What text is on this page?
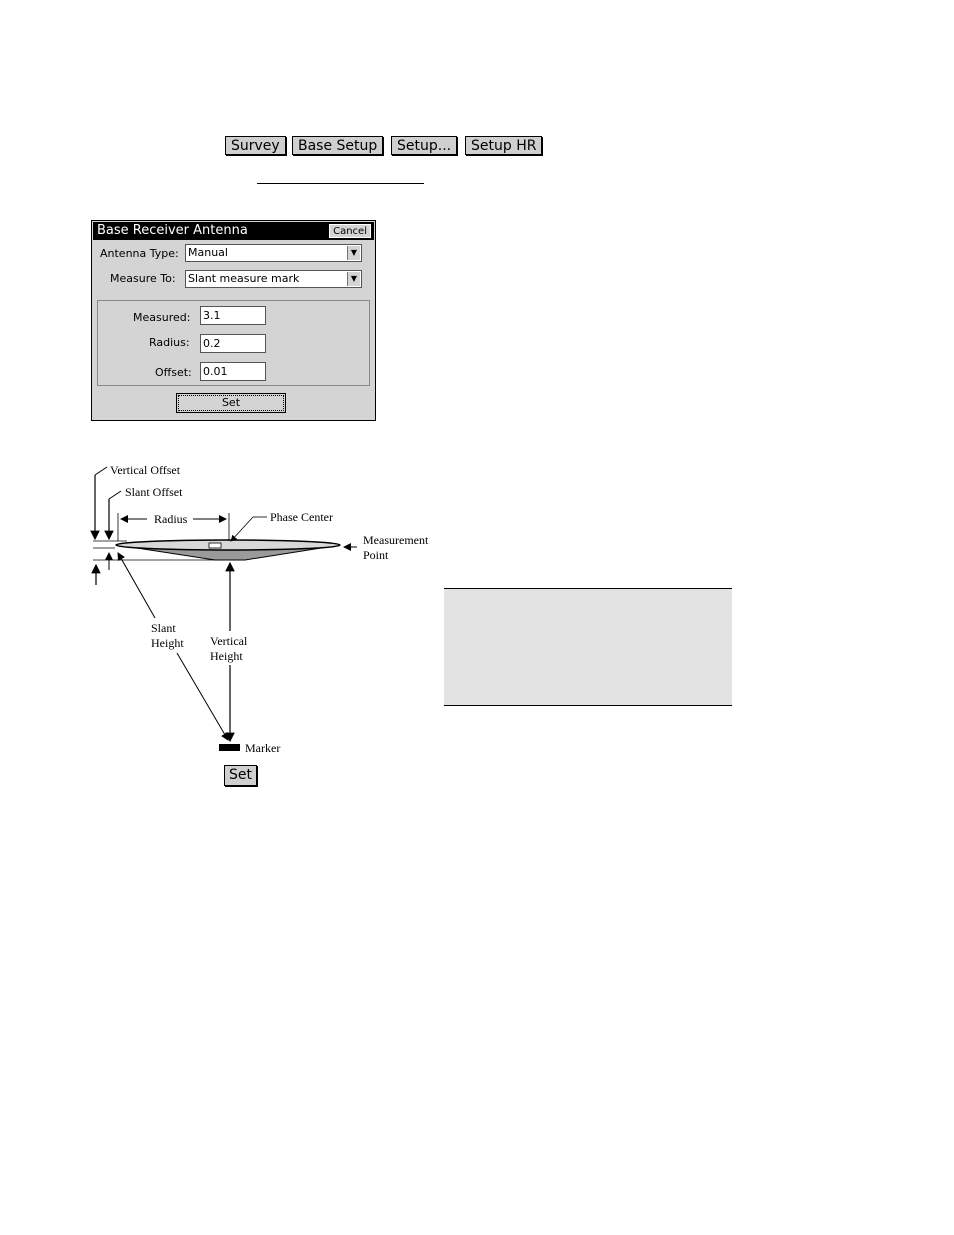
Survey	Base Setup	Setup...	Setup HR
Base Receiver Antenna	Cancel
Antenna Type: Manual	▼
Measure To: Slant measure mark	▼
Measured: 3.1
Radius: 0.2
Offset: 0.01
Set
Vertical Offset
Slant Offset
Radius	Phase Center
Measurement
Point
Slant
Height Vertical
Height
Marker
Set
